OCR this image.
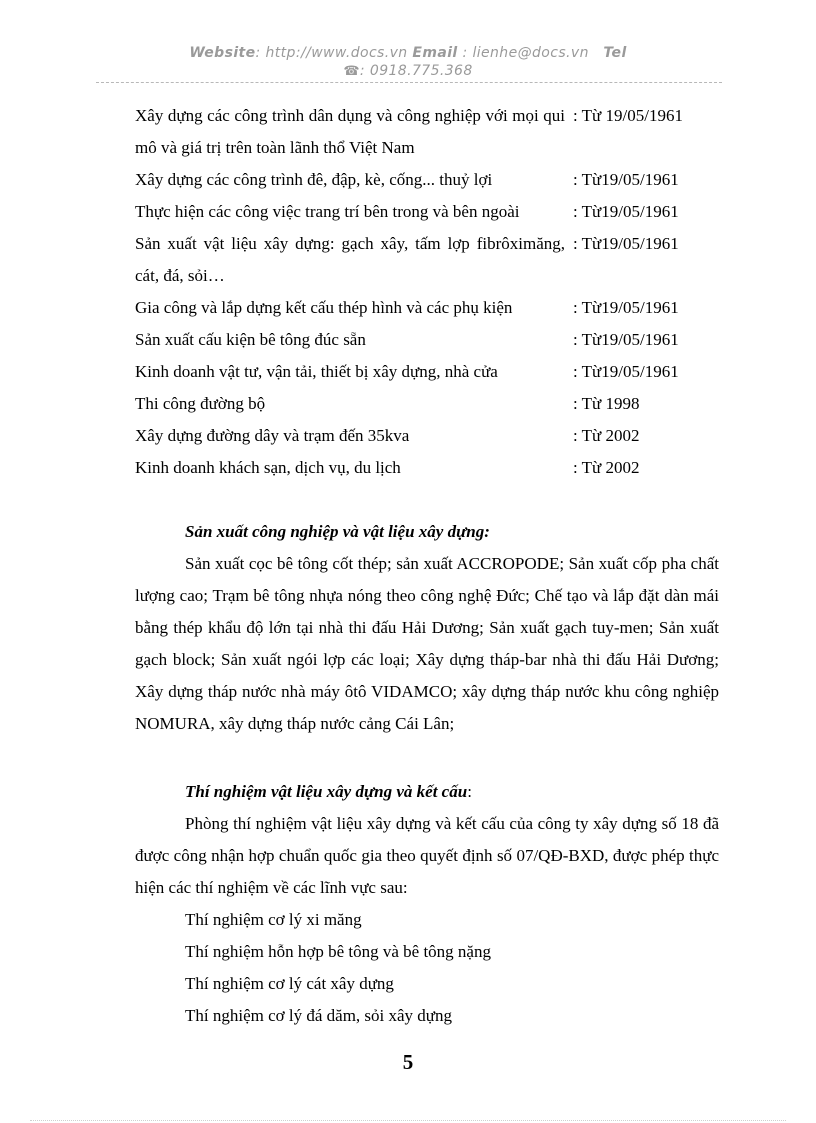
Website: http://www.docs.vn Email : lienhe@docs.vn Tel
☎: 0918.775.368
Xây dựng các công trình dân dụng và công nghiệp với mọi qui mô và giá trị trên toàn lãnh thổ Việt Nam	: Từ 19/05/1961
Xây dựng các công trình đê, đập, kè, cống... thuỷ lợi	: Từ19/05/1961
Thực hiện các công việc trang trí bên trong và bên ngoài	: Từ19/05/1961
Sản xuất vật liệu xây dựng: gạch xây, tấm lợp fibrôximăng, cát, đá, sỏi…	: Từ19/05/1961
Gia công và lắp dựng kết cấu thép hình và các phụ kiện	: Từ19/05/1961
Sản xuất cấu kiện bê tông đúc sẵn	: Từ19/05/1961
Kinh doanh vật tư, vận tải, thiết bị xây dựng, nhà cửa	: Từ19/05/1961
Thi công đường bộ	: Từ 1998
Xây dựng đường dây và trạm đến 35kva	: Từ 2002
Kinh doanh khách sạn, dịch vụ, du lịch	: Từ 2002
Sản xuất công nghiệp và vật liệu xây dựng:

Sản xuất cọc bê tông cốt thép; sản xuất ACCROPODE; Sản xuất cốp pha chất lượng cao; Trạm bê tông nhựa nóng theo công nghệ Đức; Chế tạo và lắp đặt dàn mái bằng thép khẩu độ lớn tại nhà thi đấu Hải Dương; Sản xuất gạch tuy-men; Sản xuất gạch block; Sản xuất ngói lợp các loại; Xây dựng tháp-bar nhà thi đấu Hải Dương; Xây dựng tháp nước nhà máy ôtô VIDAMCO; xây dựng tháp nước khu công nghiệp NOMURA, xây dựng tháp nước cảng Cái Lân;

Thí nghiệm vật liệu xây dựng và kết cấu:

Phòng thí nghiệm vật liệu xây dựng và kết cấu của công ty xây dựng số 18 đã được công nhận hợp chuẩn quốc gia theo quyết định số 07/QĐ-BXD, được phép thực hiện các thí nghiệm về các lĩnh vực sau:

Thí nghiệm cơ lý xi măng

Thí nghiệm hỗn hợp bê tông và bê tông nặng

Thí nghiệm cơ lý cát xây dựng

Thí nghiệm cơ lý đá dăm, sỏi xây dựng

5
